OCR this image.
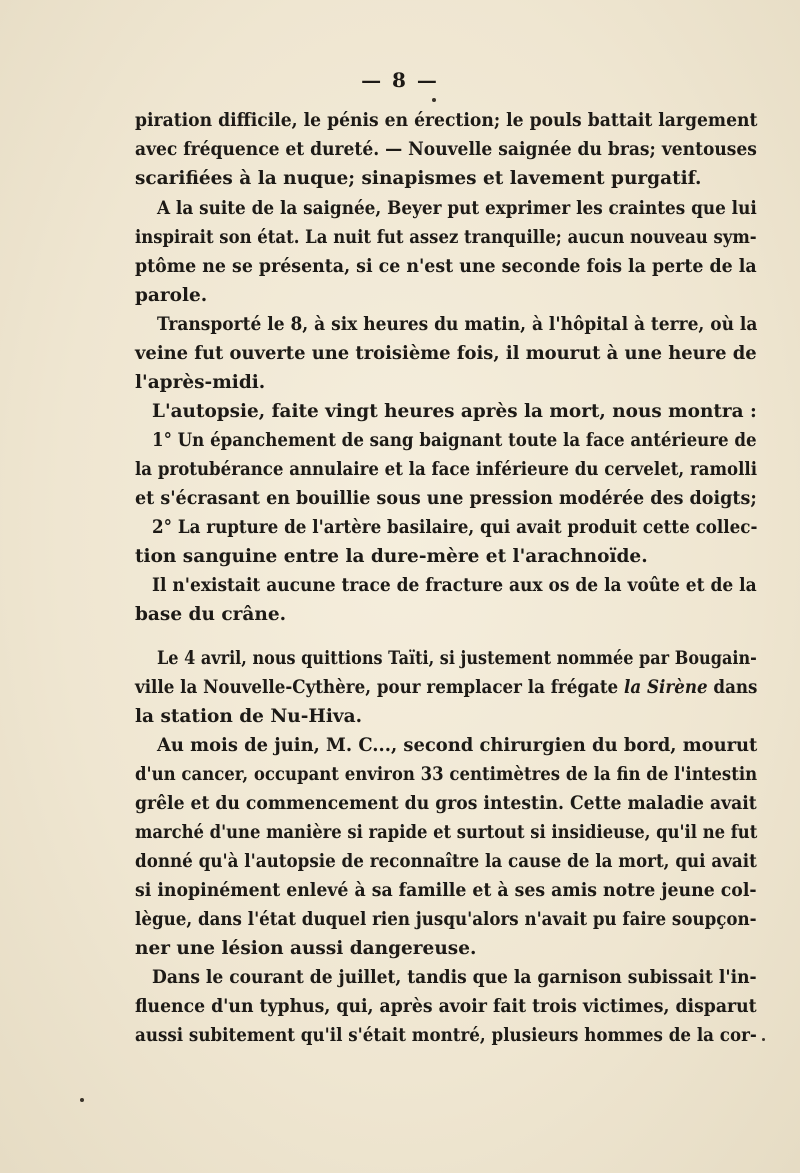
— 8 —
piration difficile, le pénis en érection; le pouls battait largement
avec fréquence et dureté. — Nouvelle saignée du bras; ventouses
scarifiées à la nuque; sinapismes et lavement purgatif.
A la suite de la saignée, Beyer put exprimer les craintes que lui
inspirait son état. La nuit fut assez tranquille; aucun nouveau sym-
ptôme ne se présenta, si ce n'est une seconde fois la perte de la
parole.
Transporté le 8, à six heures du matin, à l'hôpital à terre, où la
veine fut ouverte une troisième fois, il mourut à une heure de
l'après-midi.
L'autopsie, faite vingt heures après la mort, nous montra :
1° Un épanchement de sang baignant toute la face antérieure de
la protubérance annulaire et la face inférieure du cervelet, ramolli
et s'écrasant en bouillie sous une pression modérée des doigts;
2° La rupture de l'artère basilaire, qui avait produit cette collec-
tion sanguine entre la dure-mère et l'arachnoïde.
Il n'existait aucune trace de fracture aux os de la voûte et de la
base du crâne.
Le 4 avril, nous quittions Taïti, si justement nommée par Bougain-
ville la Nouvelle-Cythère, pour remplacer la frégate la Sirène dans
la station de Nu-Hiva.
Au mois de juin, M. C..., second chirurgien du bord, mourut
d'un cancer, occupant environ 33 centimètres de la fin de l'intestin
grêle et du commencement du gros intestin. Cette maladie avait
marché d'une manière si rapide et surtout si insidieuse, qu'il ne fut
donné qu'à l'autopsie de reconnaître la cause de la mort, qui avait
si inopinément enlevé à sa famille et à ses amis notre jeune col-
lègue, dans l'état duquel rien jusqu'alors n'avait pu faire soupçon-
ner une lésion aussi dangereuse.
Dans le courant de juillet, tandis que la garnison subissait l'in-
fluence d'un typhus, qui, après avoir fait trois victimes, disparut
aussi subitement qu'il s'était montré, plusieurs hommes de la cor-
